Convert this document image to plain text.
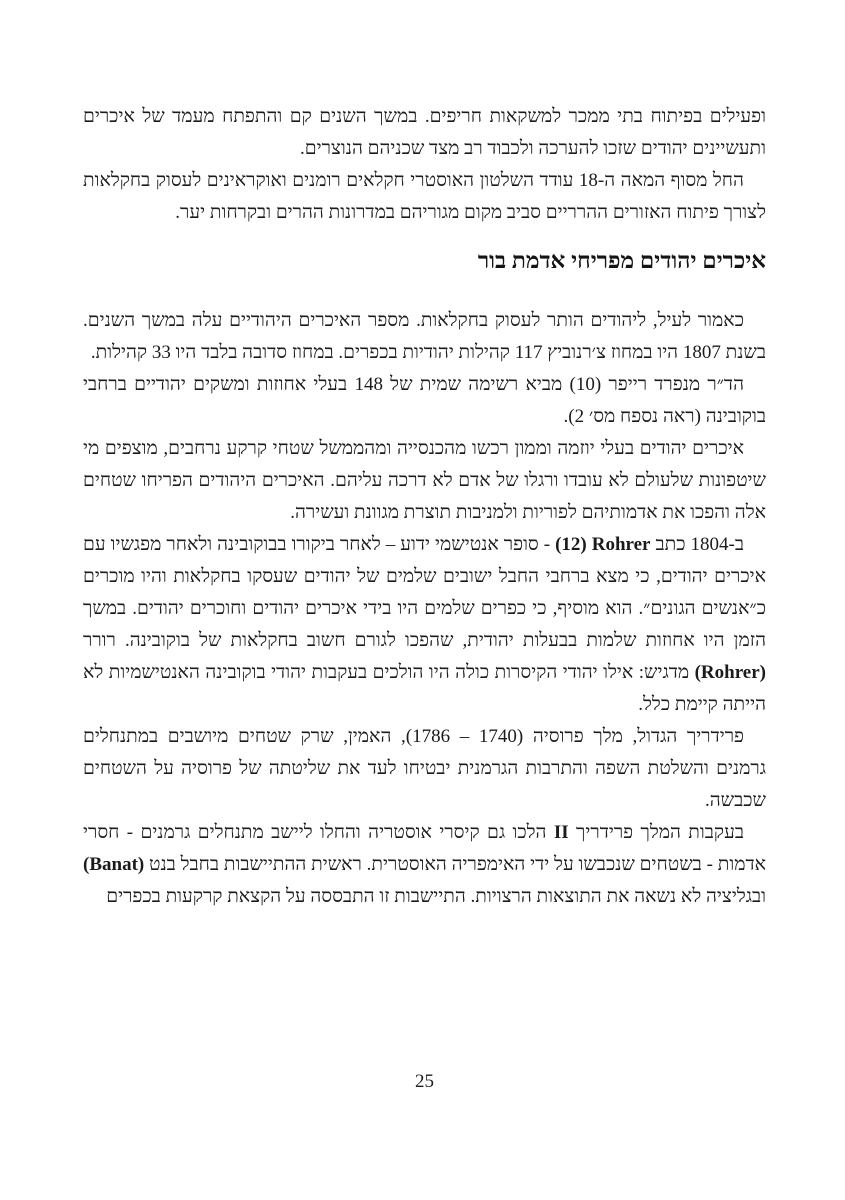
ופעילים בפיתוח בתי ממכר למשקאות חריפים. במשך השנים קם והתפתח מעמד של איכרים ותעשיינים יהודים שזכו להערכה ולכבוד רב מצד שכניהם הנוצרים.

החל מסוף המאה ה-18 עודד השלטון האוסטרי חקלאים רומנים ואוקראינים לעסוק בחקלאות לצורך פיתוח האזורים ההרריים סביב מקום מגוריהם במדרונות ההרים ובקרחות יער.

איכרים יהודים מפריחי אדמת בור

כאמור לעיל, ליהודים הותר לעסוק בחקלאות. מספר האיכרים היהודיים עלה במשך השנים. בשנת 1807 היו במחוז צ׳רנוביץ 117 קהילות יהודיות בכפרים. במחוז סדובה בלבד היו 33 קהילות.

הד״ר מנפרד רייפר (10) מביא רשימה שמית של 148 בעלי אחוזות ומשקים יהודיים ברחבי בוקובינה (ראה נספח מס׳ 2).

איכרים יהודים בעלי יוזמה וממון רכשו מהכנסייה ומהממשל שטחי קרקע נרחבים, מוצפים מי שיטפונות שלעולם לא עובדו ורגלו של אדם לא דרכה עליהם. האיכרים היהודים הפריחו שטחים אלה והפכו את אדמותיהם לפוריות ולמניבות תוצרת מגוונת ועשירה.

ב-1804 כתב Rohrer‏ (12) - סופר אנטישמי ידוע – לאחר ביקורו בבוקובינה ולאחר מפגשיו עם איכרים יהודים, כי מצא ברחבי החבל ישובים שלמים של יהודים שעסקו בחקלאות והיו מוכרים כ״אנשים הגונים״. הוא מוסיף, כי כפרים שלמים היו בידי איכרים יהודים וחוכרים יהודים. במשך הזמן היו אחוזות שלמות בבעלות יהודית, שהפכו לגורם חשוב בחקלאות של בוקובינה. רורר (Rohrer) מדגיש: אילו יהודי הקיסרות כולה היו הולכים בעקבות יהודי בוקובינה האנטישמיות לא הייתה קיימת כלל.

פרידריך הגדול, מלך פרוסיה (1740 – 1786), האמין, שרק שטחים מיושבים במתנחלים גרמנים והשלטת השפה והתרבות הגרמנית יבטיחו לעד את שליטתה של פרוסיה על השטחים שכבשה.

בעקבות המלך פרידריך II הלכו גם קיסרי אוסטריה והחלו ליישב מתנחלים גרמנים - חסרי אדמות - בשטחים שנכבשו על ידי האימפריה האוסטרית. ראשית ההתיישבות בחבל בנט (Banat) ובגליציה לא נשאה את התוצאות הרצויות. התיישבות זו התבססה על הקצאת קרקעות בכפרים

25
